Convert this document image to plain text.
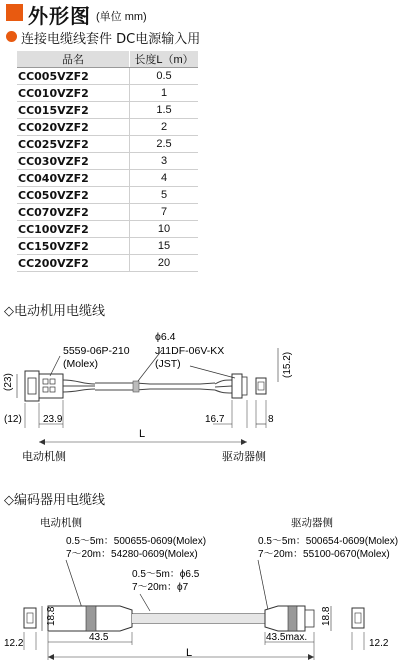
外形图 (单位 mm)
连接电缆线套件 DC电源输入用
品名	长度L（m）
CC005VZF2	0.5
CC010VZF2	1
CC015VZF2	1.5
CC020VZF2	2
CC025VZF2	2.5
CC030VZF2	3
CC040VZF2	4
CC050VZF2	5
CC070VZF2	7
CC100VZF2	10
CC150VZF2	15
CC200VZF2	20
◇电动机用电缆线
5559-06P-210
(Molex)
ϕ6.4
J11DF-06V-KX
(JST)
(23)
(15.2)
(12) 23.9	16.7	8
L
电动机侧	驱动器侧
◇编码器用电缆线
电动机侧	驱动器侧
0.5～5m：500655-0609(Molex)
7～20m：54280-0609(Molex)
0.5～5m：500654-0609(Molex)
7～20m：55100-0670(Molex)
0.5～5m：ϕ6.5
7～20m：ϕ7
18.8	18.8
12.2
43.5	43.5max.
12.2
L
